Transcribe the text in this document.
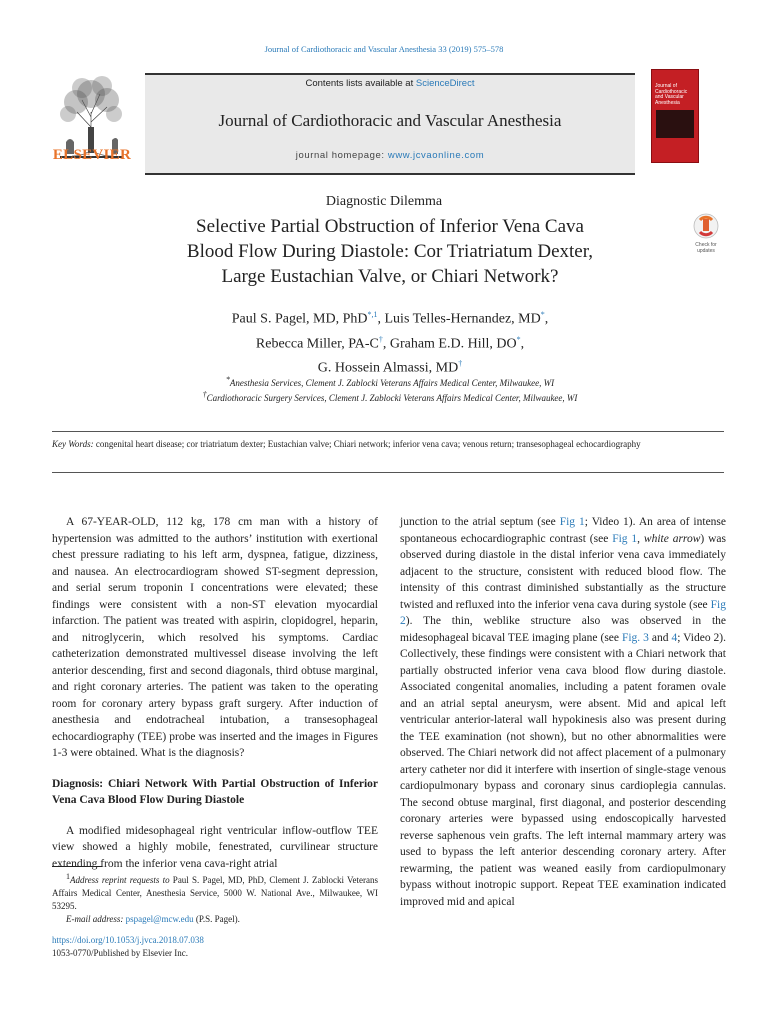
Journal of Cardiothoracic and Vascular Anesthesia 33 (2019) 575–578
ELSEVIER
Contents lists available at ScienceDirect
Journal of Cardiothoracic and Vascular Anesthesia
journal homepage: www.jcvaonline.com
Journal of Cardiothoracic and Vascular Anesthesia
Diagnostic Dilemma
Selective Partial Obstruction of Inferior Vena Cava
Blood Flow During Diastole: Cor Triatriatum Dexter,
Large Eustachian Valve, or Chiari Network?
Check for
updates
Paul S. Pagel, MD, PhD$^{*,1}$, Luis Telles-Hernandez, MD*,
Rebecca Miller, PA-C†, Graham E.D. Hill, DO*,
G. Hossein Almassi, MD†
*Anesthesia Services, Clement J. Zablocki Veterans Affairs Medical Center, Milwaukee, WI
†Cardiothoracic Surgery Services, Clement J. Zablocki Veterans Affairs Medical Center, Milwaukee, WI
Key Words: congenital heart disease; cor triatriatum dexter; Eustachian valve; Chiari network; inferior vena cava; venous return; transesophageal echocardiography

A 67-YEAR-OLD, 112 kg, 178 cm man with a history of hypertension was admitted to the authors’ institution with exertional chest pressure radiating to his left arm, dyspnea, fatigue, dizziness, and nausea. An electrocardiogram showed ST-segment depression, and serial serum troponin I concentrations were elevated; these findings were consistent with a non-ST elevation myocardial infarction. The patient was treated with aspirin, clopidogrel, heparin, and nitroglycerin, which resolved his symptoms. Cardiac catheterization demonstrated multivessel disease involving the left anterior descending, first and second diagonals, third obtuse marginal, and right coronary arteries. The patient was taken to the operating room for coronary artery bypass graft surgery. After induction of anesthesia and endotracheal intubation, a transesophageal echocardiography (TEE) probe was inserted and the images in Figures 1-3 were obtained. What is the diagnosis?

Diagnosis: Chiari Network With Partial Obstruction of Inferior Vena Cava Blood Flow During Diastole

A modified midesophageal right ventricular inflow-outflow TEE view showed a highly mobile, fenestrated, curvilinear structure extending from the inferior vena cava-right atrial

1Address reprint requests to Paul S. Pagel, MD, PhD, Clement J. Zablocki Veterans Affairs Medical Center, Anesthesia Service, 5000 W. National Ave., Milwaukee, WI 53295.

E-mail address: pspagel@mcw.edu (P.S. Pagel).

https://doi.org/10.1053/j.jvca.2018.07.038
1053-0770/Published by Elsevier Inc.

junction to the atrial septum (see Fig 1; Video 1). An area of intense spontaneous echocardiographic contrast (see Fig 1, white arrow) was observed during diastole in the distal inferior vena cava immediately adjacent to the structure, consistent with reduced blood flow. The intensity of this contrast diminished substantially as the structure twisted and refluxed into the inferior vena cava during systole (see Fig 2). The thin, weblike structure also was observed in the midesophageal bicaval TEE imaging plane (see Fig. 3 and 4; Video 2). Collectively, these findings were consistent with a Chiari network that partially obstructed inferior vena cava blood flow during diastole. Associated congenital anomalies, including a patent foramen ovale and an atrial septal aneurysm, were absent. Mid and apical left ventricular anterior-lateral wall hypokinesis also was present during the TEE examination (not shown), but no other abnormalities were observed. The Chiari network did not affect placement of a pulmonary artery catheter nor did it interfere with insertion of single-stage venous cardiopulmonary bypass and coronary sinus cardioplegia cannulas. The second obtuse marginal, first diagonal, and posterior descending coronary arteries were bypassed using endoscopically harvested reverse saphenous vein grafts. The left internal mammary artery was used to bypass the left anterior descending coronary artery. After rewarming, the patient was weaned easily from cardiopulmonary bypass without inotropic support. Repeat TEE examination indicated improved mid and apical
